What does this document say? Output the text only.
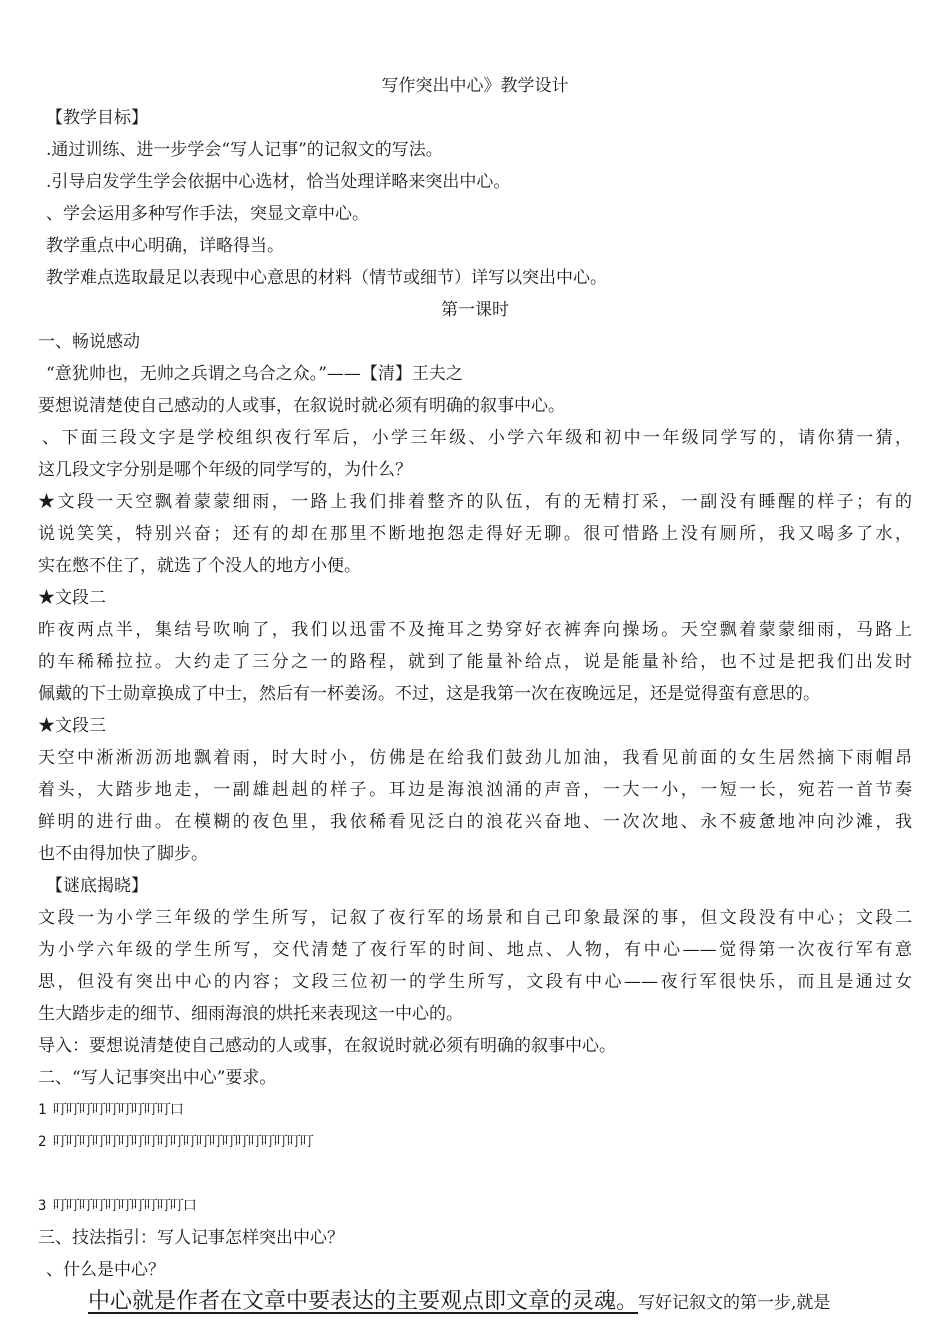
写作突出中心》教学设计
【教学目标】
.通过训练、进一步学会“写人记事”的记叙文的写法。
.引导启发学生学会依据中心选材，恰当处理详略来突出中心。
、学会运用多种写作手法，突显文章中心。
教学重点中心明确，详略得当。
教学难点选取最足以表现中心意思的材料（情节或细节）详写以突出中心。
第一课时
一、畅说感动
“意犹帅也，无帅之兵谓之乌合之众。”——【清】王夫之
要想说清楚使自己感动的人或事，在叙说时就必须有明确的叙事中心。
、下面三段文字是学校组织夜行军后，小学三年级、小学六年级和初中一年级同学写的，请你猜一猜，
这几段文字分别是哪个年级的同学写的，为什么？
★文段一天空飘着蒙蒙细雨，一路上我们排着整齐的队伍，有的无精打采，一副没有睡醒的样子；有的
说说笑笑，特别兴奋；还有的却在那里不断地抱怨走得好无聊。很可惜路上没有厕所，我又喝多了水，
实在憋不住了，就选了个没人的地方小便。
★文段二
昨夜两点半，集结号吹响了，我们以迅雷不及掩耳之势穿好衣裤奔向操场。天空飘着蒙蒙细雨，马路上
的车稀稀拉拉。大约走了三分之一的路程，就到了能量补给点，说是能量补给，也不过是把我们出发时
佩戴的下士勋章换成了中士，然后有一杯姜汤。不过，这是我第一次在夜晚远足，还是觉得蛮有意思的。
★文段三
天空中淅淅沥沥地飘着雨，时大时小，仿佛是在给我们鼓劲儿加油，我看见前面的女生居然摘下雨帽昂
着头，大踏步地走，一副雄赳赳的样子。耳边是海浪汹涌的声音，一大一小，一短一长，宛若一首节奏
鲜明的进行曲。在模糊的夜色里，我依稀看见泛白的浪花兴奋地、一次次地、永不疲惫地冲向沙滩，我
也不由得加快了脚步。
【谜底揭晓】
文段一为小学三年级的学生所写，记叙了夜行军的场景和自己印象最深的事，但文段没有中心；文段二
为小学六年级的学生所写，交代清楚了夜行军的时间、地点、人物，有中心——觉得第一次夜行军有意
思，但没有突出中心的内容；文段三位初一的学生所写，文段有中心——夜行军很快乐，而且是通过女
生大踏步走的细节、细雨海浪的烘托来表现这一中心的。
导入：要想说清楚使自己感动的人或事，在叙说时就必须有明确的叙事中心。
二、“写人记事突出中心”要求。
1 叮叮叮叮叮叮叮叮叮口
2 叮叮叮叮叮叮叮叮叮叮叮叮叮叮叮叮叮叮叮叮
3 叮叮叮叮叮叮叮叮叮叮口
三、技法指引：写人记事怎样突出中心？
、什么是中心？
中心就是作者在文章中要表达的主要观点即文章的灵魂。写好记叙文的第一步,就是
